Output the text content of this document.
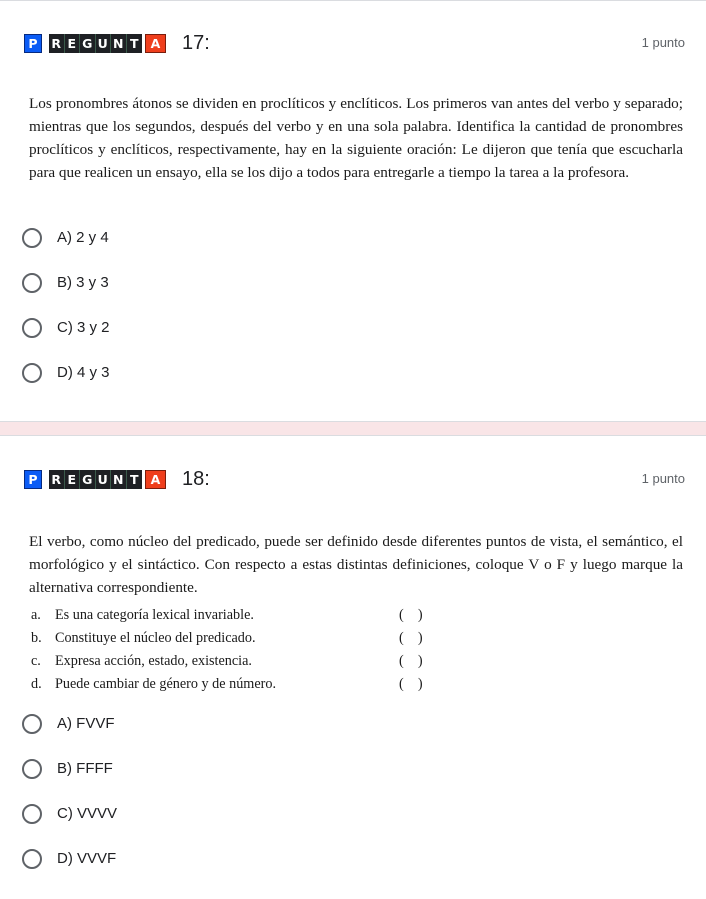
P	R E G U N T A 17:	1 punto
Los pronombres átonos se dividen en proclíticos y enclíticos. Los primeros van antes del verbo y separado; mientras que los segundos, después del verbo y en una sola palabra. Identifica la cantidad de pronombres proclíticos y enclíticos, respectivamente, hay en la siguiente oración: Le dijeron que tenía que escucharla para que realicen un ensayo, ella se los dijo a todos para entregarle a tiempo la tarea a la profesora.
A) 2 y 4
B) 3 y 3
C) 3 y 2
D) 4 y 3
P	R E G U N T A 18:	1 punto
El verbo, como núcleo del predicado, puede ser definido desde diferentes puntos de vista, el semántico, el morfológico y el sintáctico. Con respecto a estas distintas definiciones, coloque V o F y luego marque la alternativa correspondiente.
a. Es una categoría lexical invariable.	(    )
b. Constituye el núcleo del predicado.	(    )
c. Expresa acción, estado, existencia.	(    )
d. Puede cambiar de género y de número.	(    )
A) FVVF
B) FFFF
C) VVVV
D) VVVF
